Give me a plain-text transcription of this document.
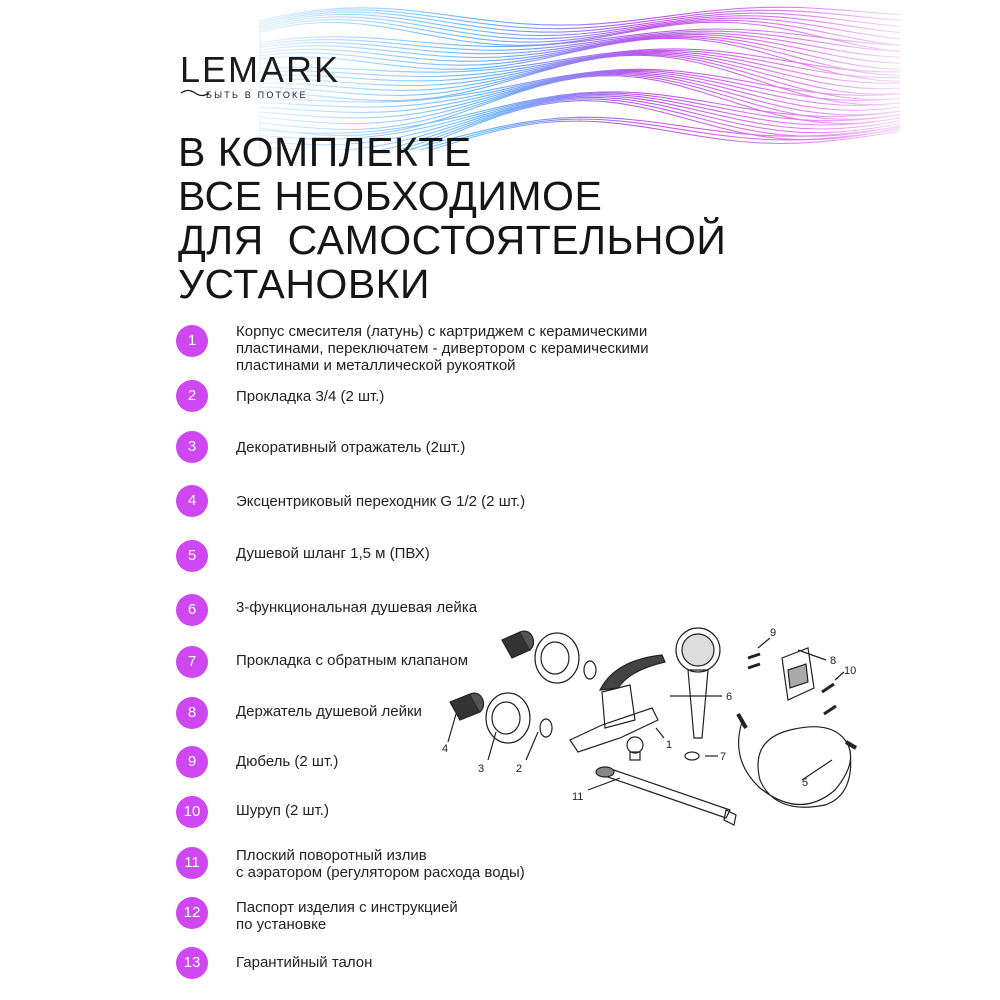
LEMARK
БЫТЬ В ПОТОКЕ
В КОМПЛЕКТЕ
ВСЕ НЕОБХОДИМОЕ
ДЛЯ  САМОСТОЯТЕЛЬНОЙ
УСТАНОВКИ
1
Корпус смесителя (латунь) с картриджем с керамическими
пластинами, переключатем - дивертором с керамическими
пластинами и металлической рукояткой
2	Прокладка 3/4 (2 шт.)
3	Декоративный отражатель (2шт.)
4	Эксцентриковый переходник G 1/2 (2 шт.)
5	Душевой шланг 1,5 м (ПВХ)
6	3-функциональная душевая лейка
7	Прокладка с обратным клапаном
8	Держатель душевой лейки
9	Дюбель (2 шт.)
10	Шуруп (2 шт.)
11	Плоский поворотный излив
с аэратором (регулятором расхода воды)
12	Паспорт изделия с инструкцией
по установке
13	Гарантийный талон
1
2
3
4
5
6
7
8
9
10
11
